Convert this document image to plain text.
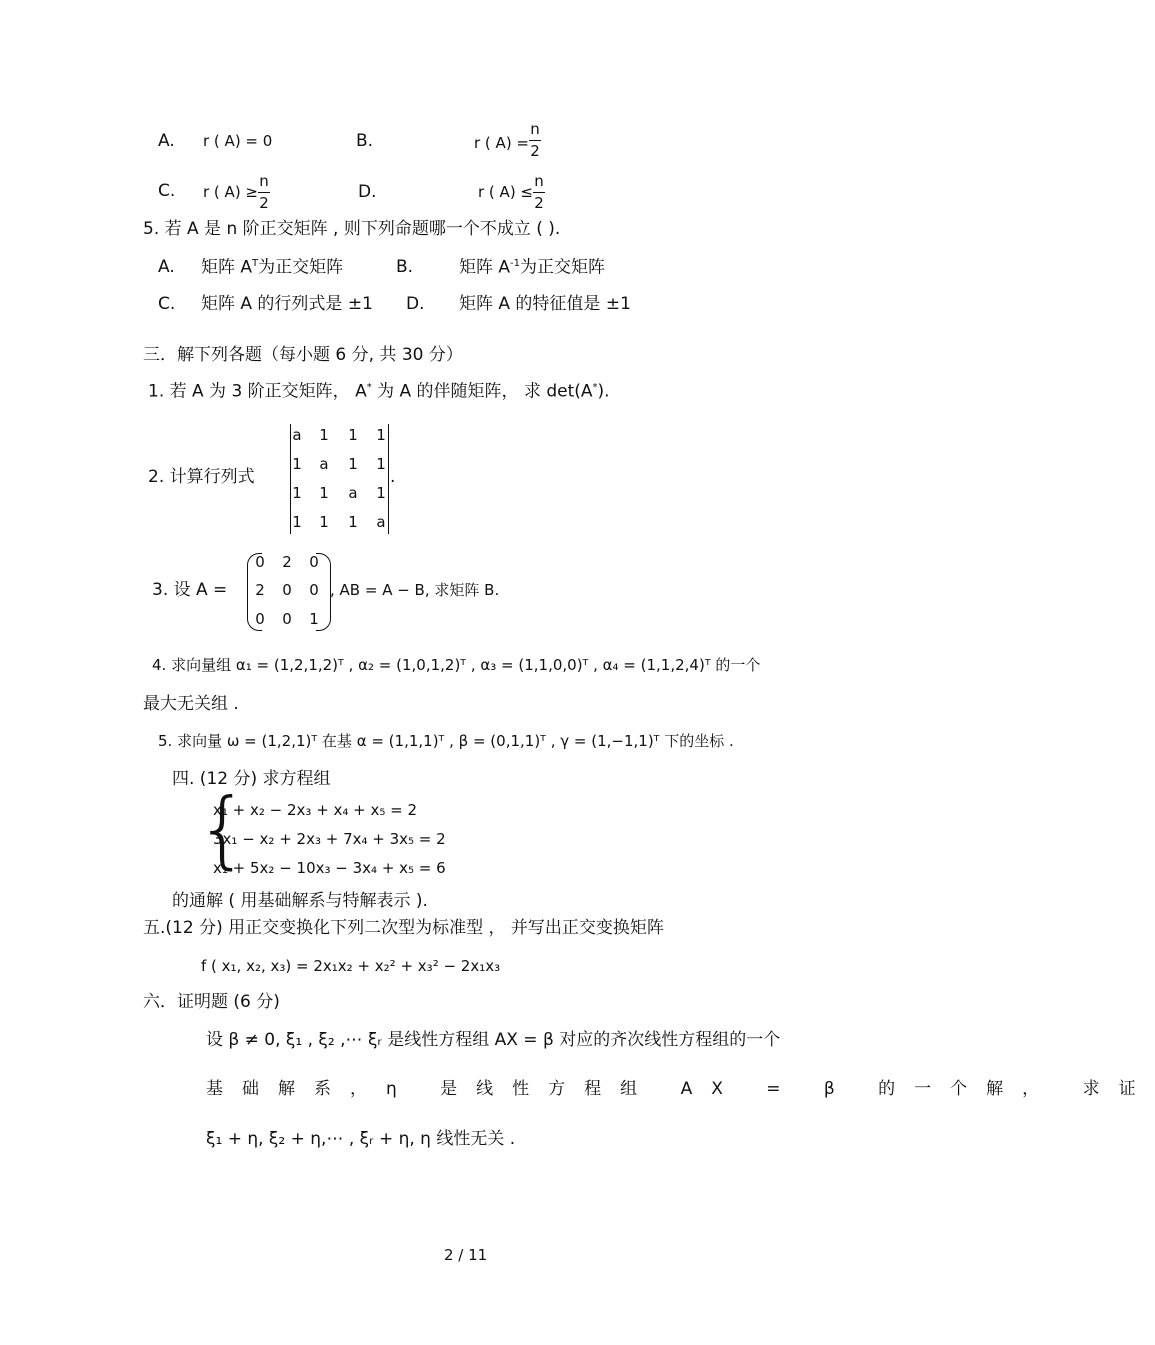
A. r ( A) = 0	B.	r ( A) =
n
2
C. r ( A) ≥
n
2
D.	r ( A) ≤
n
2
5. 若 A 是 n 阶正交矩阵 , 则下列命题哪一个不成立 ( ).
A. 矩阵 $A^T$为正交矩阵	B.	矩阵 $A^{-1}$为正交矩阵
C. 矩阵 A 的行列式是 ±1 D. 矩阵 A 的特征值是 ±1
三．解下列各题（每小题 6 分, 共 30 分）
1. 若 A 为 3 阶正交矩阵， A* 为 A 的伴随矩阵， 求 det(A*).
2. 计算行列式
a	1	1	1
1	a	1	1
1	1	a	1
1	1	1	a
.
3. 设 A =
0	2	0
2	0	0
0	0	1
, AB = A − B, 求矩阵 B.
4. 求向量组 α₁ = (1,2,1,2)ᵀ , α₂ = (1,0,1,2)ᵀ , α₃ = (1,1,0,0)ᵀ , α₄ = (1,1,2,4)ᵀ 的一个
最大无关组 .
5. 求向量 ω = (1,2,1)ᵀ 在基 α = (1,1,1)ᵀ , β = (0,1,1)ᵀ , γ = (1,−1,1)ᵀ 下的坐标 .
四. (12 分) 求方程组
{
x₁ + x₂ − 2x₃ + x₄ + x₅ = 2
3x₁ − x₂ + 2x₃ + 7x₄ + 3x₅ = 2
x₁ + 5x₂ − 10x₃ − 3x₄ + x₅ = 6
的通解 ( 用基础解系与特解表示 ).
五.(12 分) 用正交变换化下列二次型为标准型 ， 并写出正交变换矩阵
f ( x₁, x₂, x₃) = 2x₁x₂ + x₂² + x₃² − 2x₁x₃
六．证明题 (6 分)
设 β ≠ 0, ξ₁ , ξ₂ ,⋯ ξᵣ 是线性方程组 AX = β 对应的齐次线性方程组的一个
基础解系，η 是线性方程组 AX = β 的一个解， 求证
ξ₁ + η, ξ₂ + η,⋯ , ξᵣ + η, η 线性无关 .
2 / 11
